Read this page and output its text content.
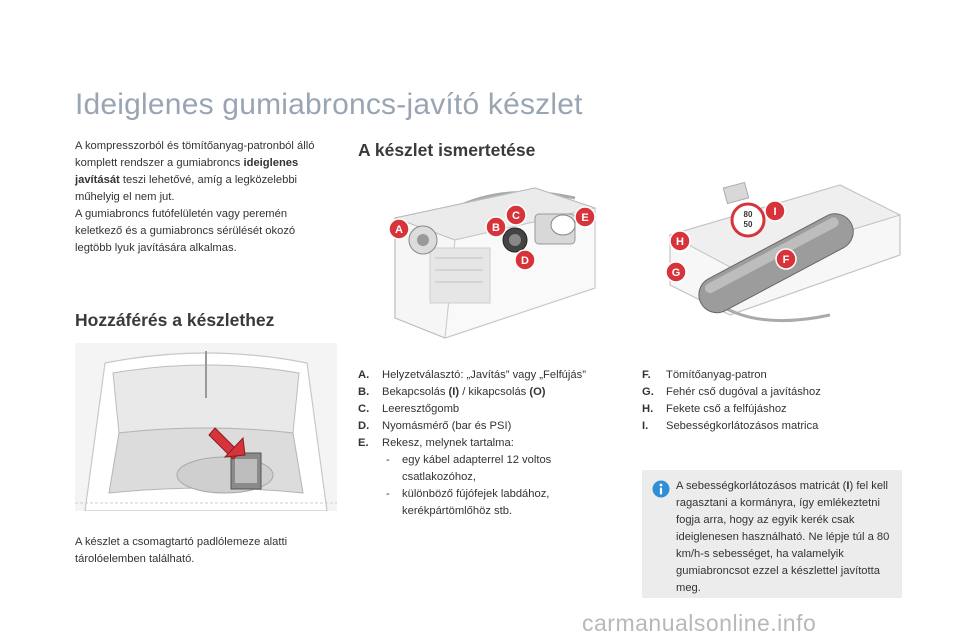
Ideiglenes gumiabroncs-javító készlet
A kompresszorból és tömítőanyag-patronból álló komplett rendszer a gumiabroncs ideiglenes javítását teszi lehetővé, amíg a legközelebbi műhelyig el nem jut.
A gumiabroncs futófelületén vagy peremén keletkező és a gumiabroncs sérülését okozó legtöbb lyuk javítására alkalmas.
Hozzáférés a készlethez
A készlet a csomagtartó padlólemeze alatti tárolóelemben található.
A készlet ismertetése
A	B
C
D
E	80
50
I
H
F
G
A.	Helyzetválasztó: „Javítás” vagy „Felfújás”
B.	Bekapcsolás (I) / kikapcsolás (O)
C.	Leeresztőgomb
D.	Nyomásmérő (bar és PSI)
E.	Rekesz, melynek tartalma:
-	egy kábel adapterrel 12 voltos csatlakozóhoz,
-	különböző fújófejek labdához, kerékpártömlőhöz stb.
F.	Tömítőanyag-patron
G.	Fehér cső dugóval a javításhoz
H.	Fekete cső a felfújáshoz
I.	Sebességkorlátozásos matrica
A sebességkorlátozásos matricát (I) fel kell ragasztani a kormányra, így emlékeztetni fogja arra, hogy az egyik kerék csak ideiglenesen használható. Ne lépje túl a 80 km/h-s sebességet, ha valamelyik gumiabroncsot ezzel a készlettel javította meg.
carmanualsonline.info
